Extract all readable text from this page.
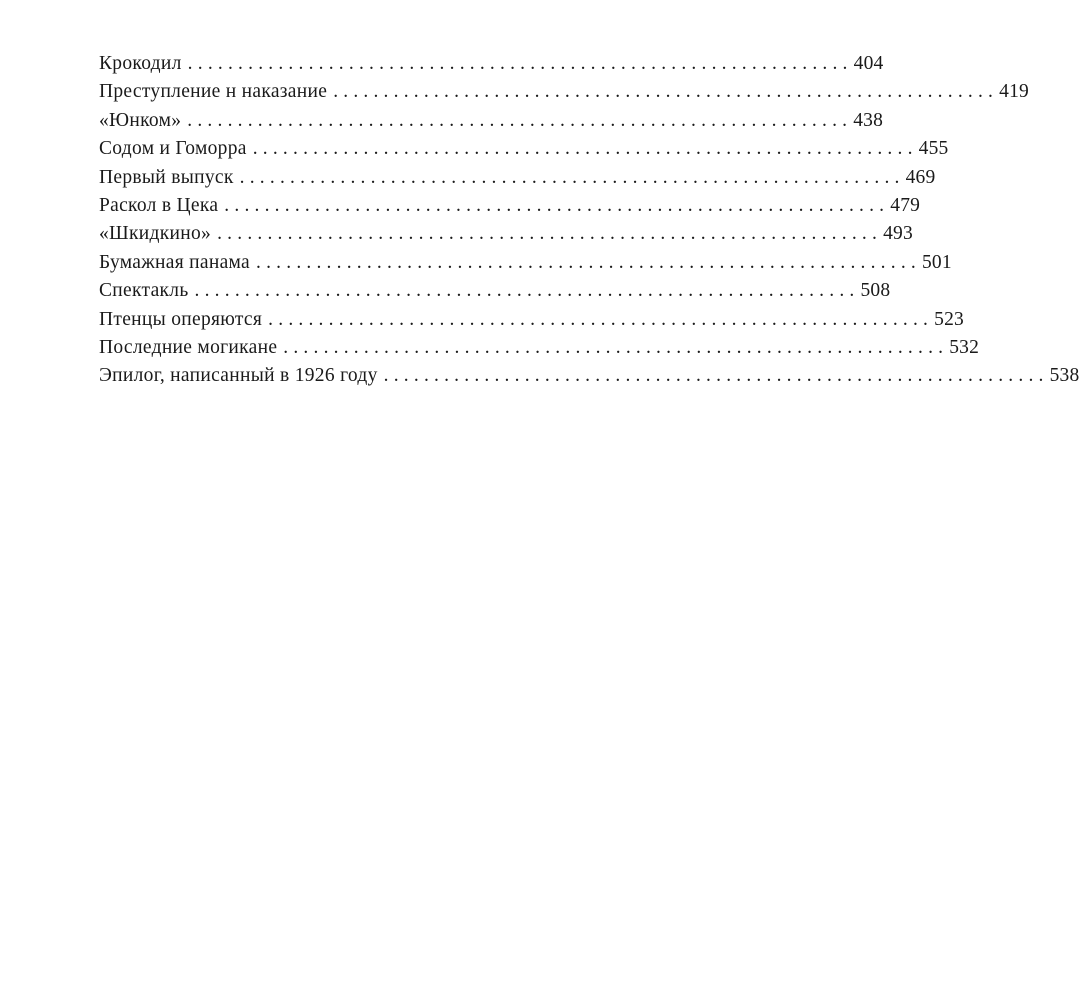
Крокодил .................................................................. 404
Преступление н наказание .................................................................. 419
«Юнком» .................................................................. 438
Содом и Гоморра .................................................................. 455
Первый выпуск .................................................................. 469
Раскол в Цека .................................................................. 479
«Шкидкино» .................................................................. 493
Бумажная панама .................................................................. 501
Спектакль .................................................................. 508
Птенцы оперяются .................................................................. 523
Последние могикане .................................................................. 532
Эпилог, написанный в 1926 году .................................................................. 538
